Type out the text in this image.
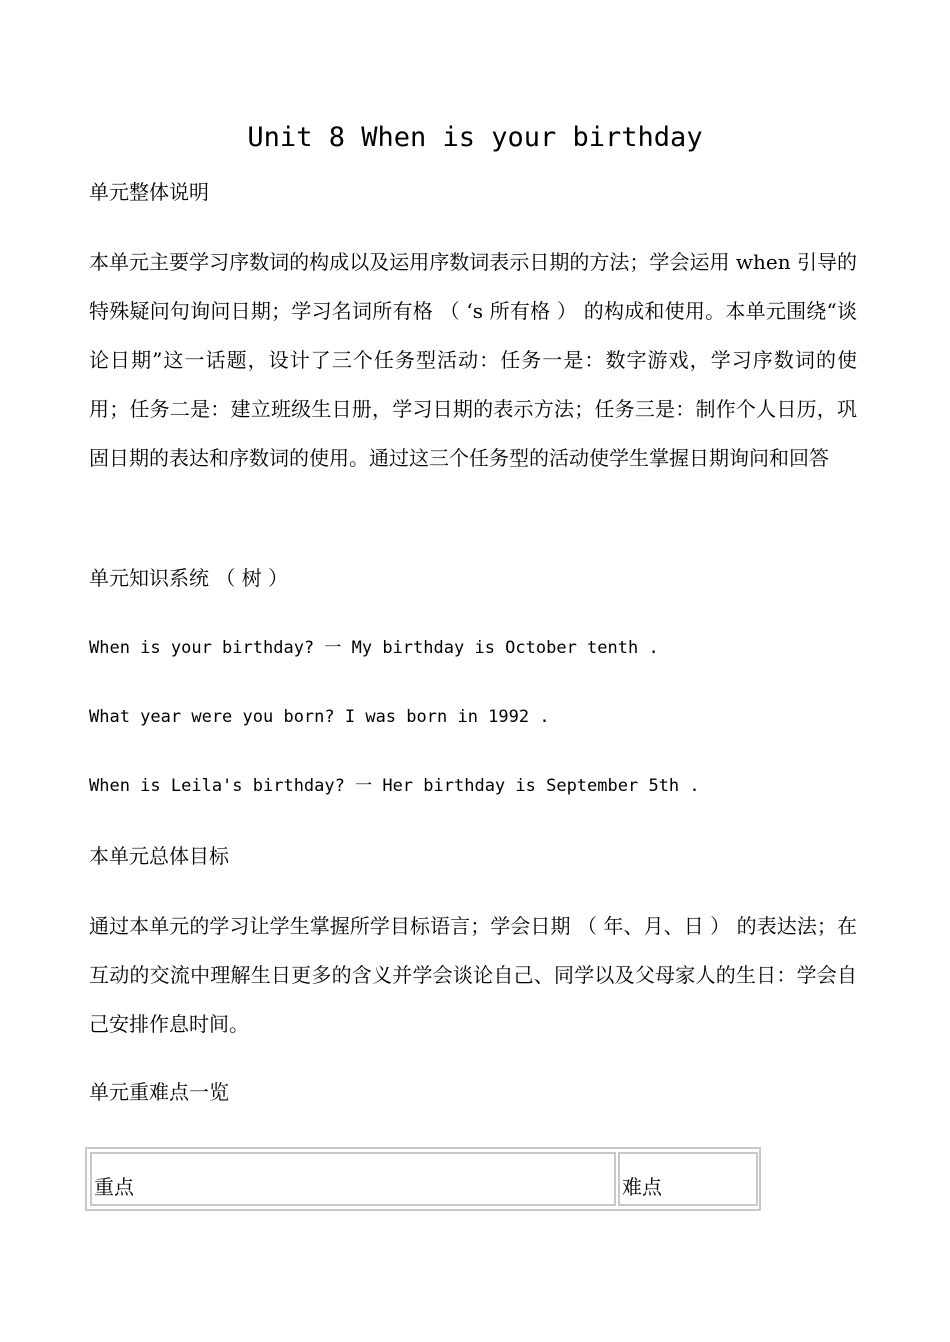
Unit 8 When is your birthday
单元整体说明
本单元主要学习序数词的构成以及运用序数词表示日期的方法；学会运用 when 引导的特殊疑问句询问日期；学习名词所有格 （ ‘s 所有格 ） 的构成和使用。本单元围绕“谈论日期”这一话题，设计了三个任务型活动：任务一是：数字游戏，学习序数词的使用；任务二是：建立班级生日册，学习日期的表示方法；任务三是：制作个人日历，巩固日期的表达和序数词的使用。通过这三个任务型的活动使学生掌握日期询问和回答
单元知识系统 （ 树 ）
When is your birthday? 一 My birthday is October tenth .
What year were you born? I was born in 1992 .
When is Leila's birthday? 一 Her birthday is September 5th .
本单元总体目标
通过本单元的学习让学生掌握所学目标语言；学会日期 （ 年、月、日 ） 的表达法；在互动的交流中理解生日更多的含义并学会谈论自己、同学以及父母家人的生日：学会自己安排作息时间。
单元重难点一览
重点	难点
